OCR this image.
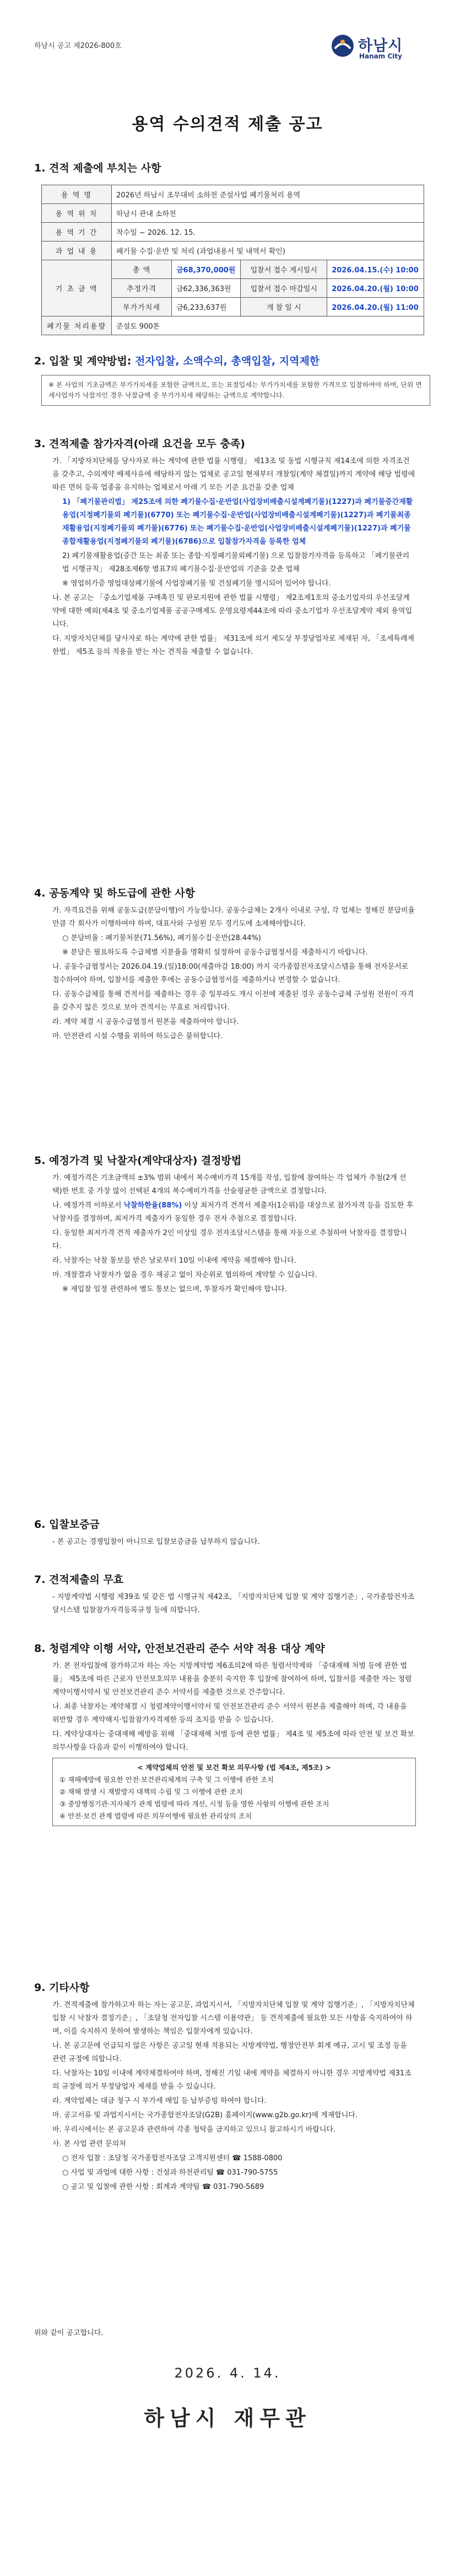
하남시 공고 제2026-800호	하남시
Hanam City
용역 수의견적 제출 공고
1. 견적 제출에 부치는 사항
용 역 명	2026년 하남시 조무대비 소하천 준설사업 폐기물처리 용역			
용 역 위 치	하남시 관내 소하천			
용 역 기 간	착수일 ~ 2026. 12. 15.			
과 업 내 용	폐기물 수집·운반 및 처리 (과업내용서 및 내역서 확인)			
기 초 금 액	총 액	금68,370,000원	입찰서 접수 게시일시	2026.04.15.(수) 10:00
	추정가격	금62,336,363원	입찰서 접수 마감일시	2026.04.20.(월) 10:00
	부가가치세	금6,233,637원	개 찰 일 시	2026.04.20.(월) 11:00
폐기물 처리용량	준설토 900톤			
2. 입찰 및 계약방법: 전자입찰, 소액수의, 총액입찰, 지역제한
※ 본 사업의 기초금액은 부가가치세를 포함한 금액으로, 또는 표절입세는 부가가치세를 포함한 가격으로 입찰하여야 하며, 단위 면세사업자가 낙찰자인 경우 낙찰금액 중 부가가치세 해당하는 금액으로 계약합니다.
3. 견적제출 참가자격(아래 요건을 모두 충족)

가. 「지방자치단체를 당사자로 하는 계약에 관한 법률 시행령」 제13조 및 동법 시행규칙 제14조에 의한 자격조건을 갖추고, 수의계약 배제사유에 해당하지 않는 업체로 공고일 현재부터 개찰일(계약 체결일)까지 계약에 해당 법령에 따른 면허 등록 업종을 유지하는 업체로서 아래 기 모든 기준 요건을 갖춘 업체

1) 「폐기물관리법」 제25조에 의한 폐기물수집·운반업(사업장비배출시설계폐기물)(1227)과 폐기물중간재활용업(지정폐기물외 폐기물)(6770) 또는 폐기물수집·운반업(사업장비배출시설계폐기물)(1227)과 폐기물최종재활용업(지정폐기물외 폐기물)(6776) 또는 폐기물수집·운반업(사업장비배출시설계폐기물)(1227)과 폐기물종합재활용업(지정폐기물외 폐기물)(6786)으로 입찰참가자격을 등록한 업체

2) 폐기물재활용업(중간 또는 최종 또는 종합·지정폐기물외폐기물) 으로 입찰참가자격을 등록하고 「폐기물관리법 시행규칙」 제28조제6항 별표7의 폐기물수집·운반업의 기준을 갖춘 업체

※ 영업허가증 영업대상폐기물에 사업장폐기물 및 건설폐기물 명시되어 있어야 합니다.

나. 본 공고는 「중소기업제품 구매촉진 및 판로지원에 관한 법률 시행령」 제2조제1호의 중소기업자의 우선조달계약에 대한 예외(제4조 및 중소기업제품 공공구매제도 운영요령제44조에 따라 중소기업자 우선조달계약 제외 용역입니다.

다. 지방자치단체를 당사자로 하는 계약에 관한 법률」 제31조에 의거 제도상 부정당업자로 제재된 자, 「조세특례제한법」 제5조 등의 적용을 받는 자는 견적을 제출할 수 없습니다.

4. 공동계약 및 하도급에 관한 사항

가. 자격요건을 위해 공동도급(분담이행)이 가능합니다. 공동수급체는 2개사 이내로 구성, 각 업체는 정해진 분담비율만큼 각 회사가 이행하여야 하며, 대표사와 구성원 모두 경기도에 소재해야합니다.

○ 분담비율 : 폐기물처분(71.56%), 폐기물수집·운반(28.44%)

※ 분담은 필요하도록 수급체별 지분율을 명확히 설정하여 공동수급협정서를 제출하시기 바랍니다.

나. 공동수급협정서는 2026.04.19.(일)18:00(제출마감 18:00) 까지 국가종합전자조달시스템을 통해 전자문서로 접수하여야 하며, 입찰서를 제출한 후에는 공동수급협정서를 제출하거나 변경할 수 없습니다.

다. 공동수급체를 통해 견적서를 제출하는 경우 중 일부라도 개시 이전에 제출된 경우 공동수급체 구성원 전원이 자격을 갖추지 않은 것으로 보아 견적서는 무효로 처리합니다.

라. 계약 체결 시 공동수급협정서 원본을 제출하여야 합니다.

마. 안전관리 시설 수행을 위하여 하도급은 불허합니다.

5. 예정가격 및 낙찰자(계약대상자) 결정방법

가. 예정가격은 기초금액의 ±3% 범위 내에서 복수예비가격 15개를 작성, 입찰에 참여하는 각 업체가 추첨(2개 선택)한 번호 중 가장 많이 선택된 4개의 복수예비가격을 산술평균한 금액으로 결정합니다.

나. 예정가격 이하로서 낙찰하한율(88%) 이상 최저가격 견적서 제출자(1순위)를 대상으로 참가자격 등을 검토한 후 낙찰자를 결정하며, 최저가격 제출자가 동일한 경우 전자 추첨으로 결정합니다.

다. 동일한 최저가격 견적 제출자가 2인 이상일 경우 전자조달시스템을 통해 자동으로 추첨하여 낙찰자를 결정합니다.

라. 낙찰자는 낙찰 통보를 받은 날로부터 10일 이내에 계약을 체결해야 합니다.

마. 개찰결과 낙찰자가 없을 경우 재공고 없이 차순위로 협의하여 계약할 수 있습니다.

※ 재입찰 일정 관련하여 별도 통보는 없으며, 투찰자가 확인해야 합니다.

6. 입찰보증금
- 본 공고는 경쟁입찰이 아니므로 입찰보증금을 납부하지 않습니다.
7. 견적제출의 무효
- 지방계약법 시행령 제39조 및 같은 법 시행규칙 제42조, 「지방자치단체 입찰 및 계약 집행기준」, 국가종합전자조달시스템 입찰참가자격등록규정 등에 의합니다.
8. 청렴계약 이행 서약, 안전보건관리 준수 서약 적용 대상 계약

가. 본 전자입찰에 참가하고자 하는 자는 지방계약법 제6조의2에 따른 청렴서약제와 「중대재해 처벌 등에 관한 법률」 제5조에 따른 근로자 안전보호의무 내용을 충분히 숙지한 후 입찰에 참여하여 하며, 입찰서를 제출한 자는 청렴계약이행서약서 및 안전보건관리 준수 서약서를 제출한 것으로 간주합니다.

나. 최종 낙찰자는 계약체결 시 청렴계약이행서약서 및 안전보건관리 준수 서약서 원본을 제출해야 하며, 각 내용을 위반할 경우 계약해지·입찰참가자격제한 등의 조치를 받을 수 있습니다.

다. 계약상대자는 중대재해 예방을 위해 「중대재해 처벌 등에 관한 법률」 제4조 및 제5조에 따라 안전 및 보건 확보 의무사항을 다음과 같이 이행하여야 합니다.

< 계약업체의 안전 및 보건 확보 의무사항 (법 제4조, 제5조) >
① 재해예방에 필요한 안전·보건관리체계의 구축 및 그 이행에 관한 조치
② 재해 발생 시 재발방지 대책의 수립 및 그 이행에 관한 조치
③ 중앙행정기관·지자체가 관계 법령에 따라 개선, 시정 등을 명한 사항의 이행에 관한 조치
④ 안전·보건 관계 법령에 따른 의무이행에 필요한 관리상의 조치
9. 기타사항

가. 견적제출에 참가하고자 하는 자는 공고문, 과업지시서, 「지방자치단체 입찰 및 계약 집행기준」, 「지방자치단체 입찰 시 낙찰자 결정기준」, 「조달청 전자입찰 시스템 이용약관」 등 견적제출에 필요한 모든 사항을 숙지하여야 하며, 이를 숙지하지 못하여 발생하는 책임은 입찰자에게 있습니다.

나. 본 공고문에 언급되지 않은 사항은 공고일 현재 적용되는 지방계약법, 행정안전부 회계 예규, 고시 및 조정 등을 관련 규정에 의합니다.

다. 낙찰자는 10일 이내에 계약체결하여야 하며, 정해진 기일 내에 계약을 체결하지 아니한 경우 지방계약법 제31조의 규정에 의거 부정당업자 제재를 받을 수 있습니다.

라. 계약업체는 대금 청구 시 부가세 매입 등 납부증빙 하여야 합니다.

마. 공고서류 및 과업지시서는 국가종합전자조달(G2B) 홈페이지(www.g2b.go.kr)에 게재합니다.

바. 우리시에서는 본 공고문과 관련하여 각종 청탁을 금지하고 있으니 참고하시기 바랍니다.

사. 본 사업 관련 문의처

○ 전자 입찰 : 조달청 국가종합전자조달 고객지원센터 ☎ 1588-0800

○ 사업 및 과업에 대한 사항 : 건설과 하천관리팀 ☎ 031-790-5755

○ 공고 및 입찰에 관한 사항 : 회계과 계약팀 ☎ 031-790-5689

위와 같이 공고합니다.
2026. 4. 14.
하남시 재무관
